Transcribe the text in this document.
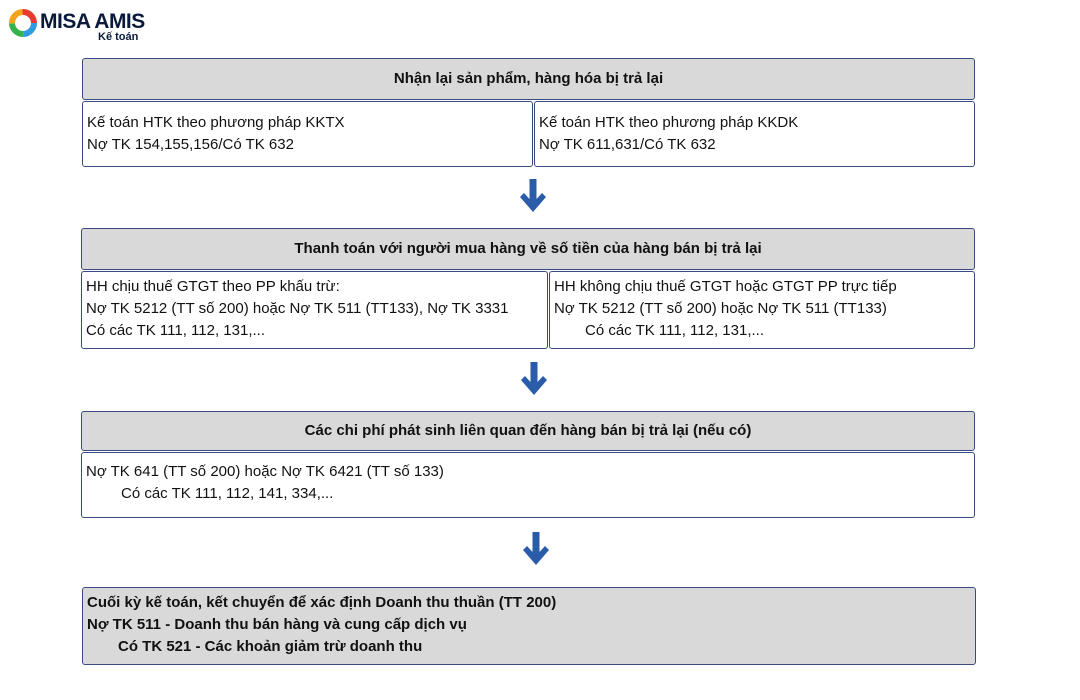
MISA AMIS
Kế toán
Nhận lại sản phẩm, hàng hóa bị trả lại
Kế toán HTK theo phương pháp KKTX
Nợ TK 154,155,156/Có TK 632
Kế toán HTK theo phương pháp KKDK
Nợ TK 611,631/Có TK 632
Thanh toán với người mua hàng về số tiền của hàng bán bị trả lại
HH chịu thuế GTGT theo PP khấu trừ:
Nợ TK 5212 (TT số 200) hoặc Nợ TK 511 (TT133), Nợ TK 3331
Có các TK 111, 112, 131,...
HH không chịu thuế GTGT hoặc GTGT PP trực tiếp
Nợ TK 5212 (TT số 200) hoặc Nợ TK 511 (TT133)
Có các TK 111, 112, 131,...
Các chi phí phát sinh liên quan đến hàng bán bị trả lại (nếu có)
Nợ TK 641 (TT số 200) hoặc Nợ TK 6421 (TT số 133)
Có các TK 111, 112, 141, 334,...
Cuối kỳ kế toán, kết chuyển để xác định Doanh thu thuần (TT 200)
Nợ TK 511 - Doanh thu bán hàng và cung cấp dịch vụ
Có TK 521 - Các khoản giảm trừ doanh thu
